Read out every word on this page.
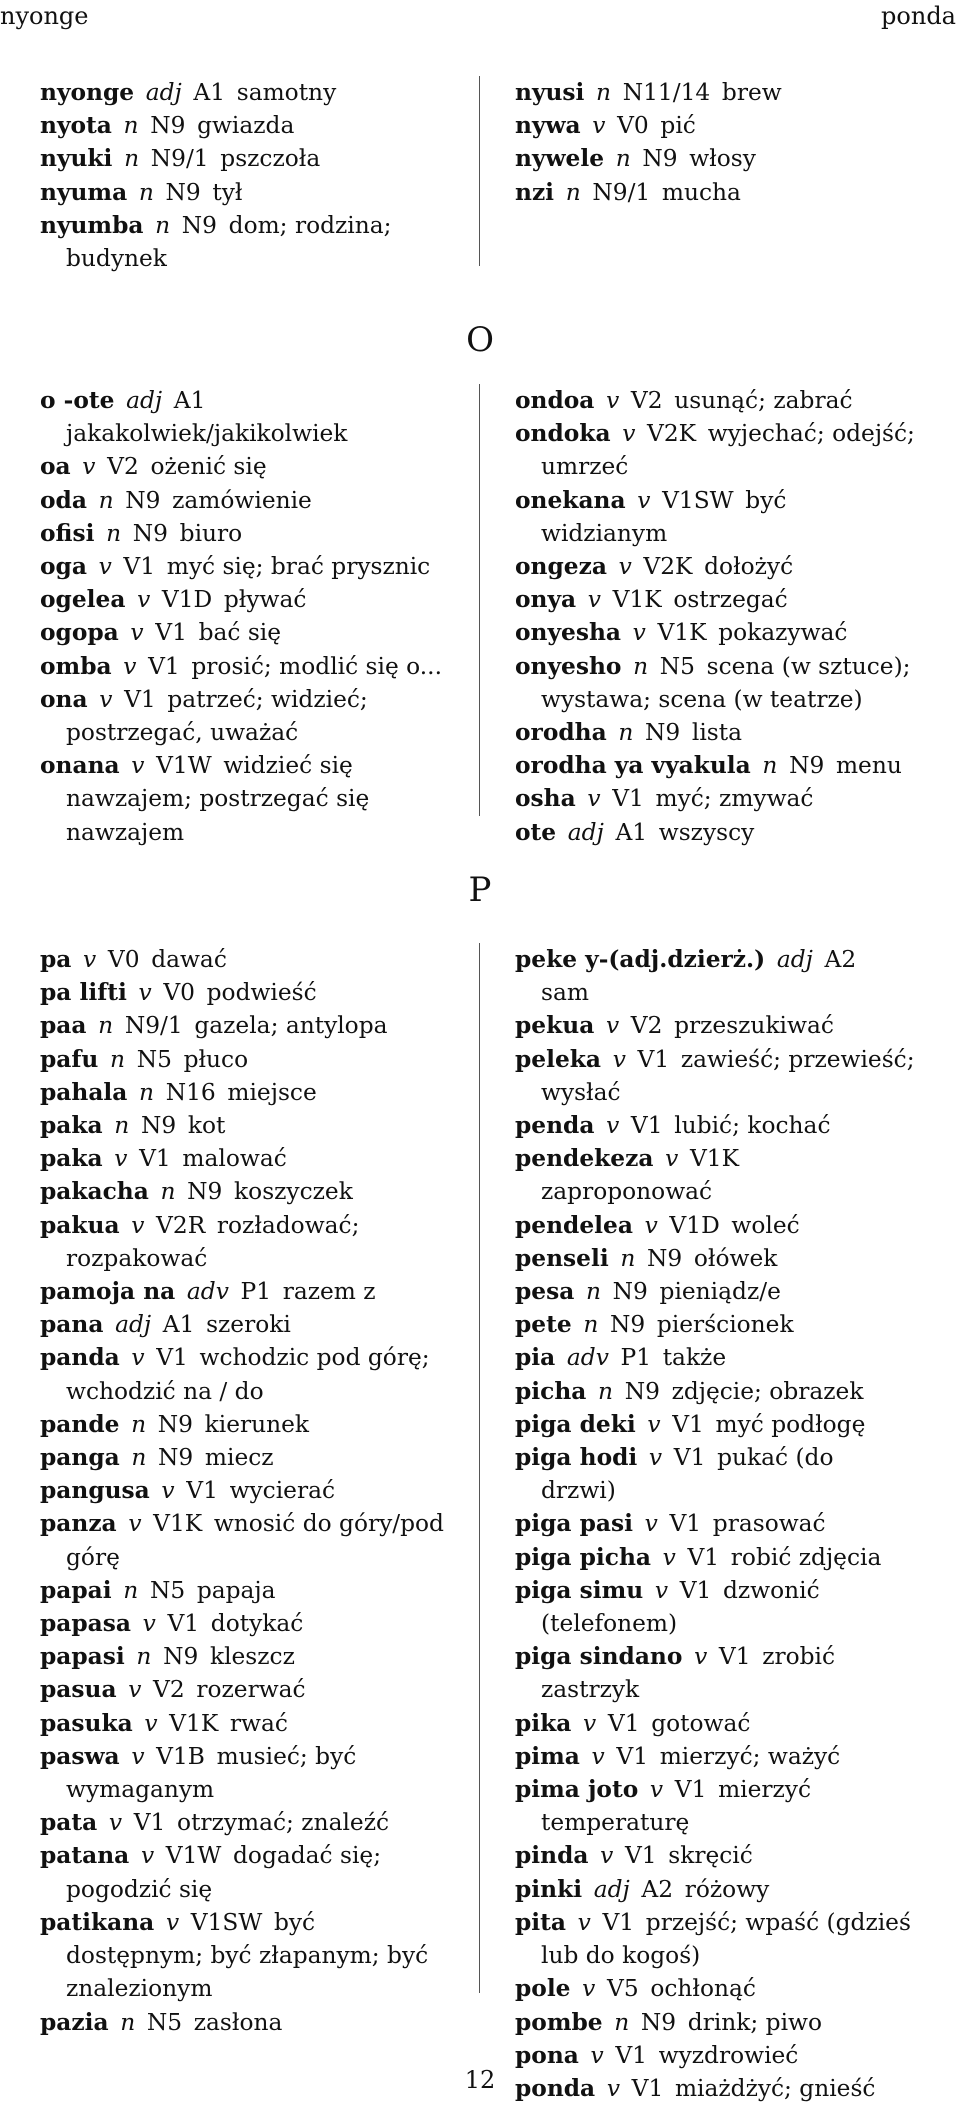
nyonge	ponda
nyonge  adj  A1  samotny
nyota  n  N9  gwiazda
nyuki  n  N9/1  pszczoła
nyuma  n  N9  tył
nyumba  n  N9  dom; rodzina; budynek
nyusi  n  N11/14  brew
nywa  v  V0  pić
nywele  n  N9  włosy
nzi  n  N9/1  mucha
O
o -ote  adj  A1 jakakolwiek/jakikolwiek
oa  v  V2  ożenić się
oda  n  N9  zamówienie
ofisi  n  N9  biuro
oga  v  V1  myć się; brać prysznic
ogelea  v  V1D  pływać
ogopa  v  V1  bać się
omba  v  V1  prosić; modlić się o...
ona  v  V1  patrzeć; widzieć; postrzegać, uważać
onana  v  V1W  widzieć się nawzajem; postrzegać się nawzajem
ondoa  v  V2  usunąć; zabrać
ondoka  v  V2K  wyjechać; odejść; umrzeć
onekana  v  V1SW  być widzianym
ongeza  v  V2K  dołożyć
onya  v  V1K  ostrzegać
onyesha  v  V1K  pokazywać
onyesho  n  N5  scena (w sztuce); wystawa; scena (w teatrze)
orodha  n  N9  lista
orodha ya vyakula  n  N9  menu
osha  v  V1  myć; zmywać
ote  adj  A1  wszyscy
P
pa  v  V0  dawać
pa lifti  v  V0  podwieść
paa  n  N9/1  gazela; antylopa
pafu  n  N5  płuco
pahala  n  N16  miejsce
paka  n  N9  kot
paka  v  V1  malować
pakacha  n  N9  koszyczek
pakua  v  V2R  rozładować; rozpakować
pamoja na  adv  P1  razem z
pana  adj  A1  szeroki
panda  v  V1  wchodzic pod górę; wchodzić na / do
pande  n  N9  kierunek
panga  n  N9  miecz
pangusa  v  V1  wycierać
panza  v  V1K  wnosić do góry/pod górę
papai  n  N5  papaja
papasa  v  V1  dotykać
papasi  n  N9  kleszcz
pasua  v  V2  rozerwać
pasuka  v  V1K  rwać
paswa  v  V1B  musieć; być wymaganym
pata  v  V1  otrzymać; znaleźć
patana  v  V1W  dogadać się; pogodzić się
patikana  v  V1SW  być dostępnym; być złapanym; być znalezionym
pazia  n  N5  zasłona
peke y-(adj.dzierż.)  adj  A2 sam
pekua  v  V2  przeszukiwać
peleka  v  V1  zawieść; przewieść; wysłać
penda  v  V1  lubić; kochać
pendekeza  v  V1K zaproponować
pendelea  v  V1D  woleć
penseli  n  N9  ołówek
pesa  n  N9  pieniądz/e
pete  n  N9  pierścionek
pia  adv  P1  także
picha  n  N9  zdjęcie; obrazek
piga deki  v  V1  myć podłogę
piga hodi  v  V1  pukać (do drzwi)
piga pasi  v  V1  prasować
piga picha  v  V1  robić zdjęcia
piga simu  v  V1  dzwonić (telefonem)
piga sindano  v  V1  zrobić zastrzyk
pika  v  V1  gotować
pima  v  V1  mierzyć; ważyć
pima joto  v  V1  mierzyć temperaturę
pinda  v  V1  skręcić
pinki  adj  A2  różowy
pita  v  V1  przejść; wpaść (gdzieś lub do kogoś)
pole  v  V5  ochłonąć
pombe  n  N9  drink; piwo
pona  v  V1  wyzdrowieć
ponda  v  V1  miażdżyć; gnieść
12
